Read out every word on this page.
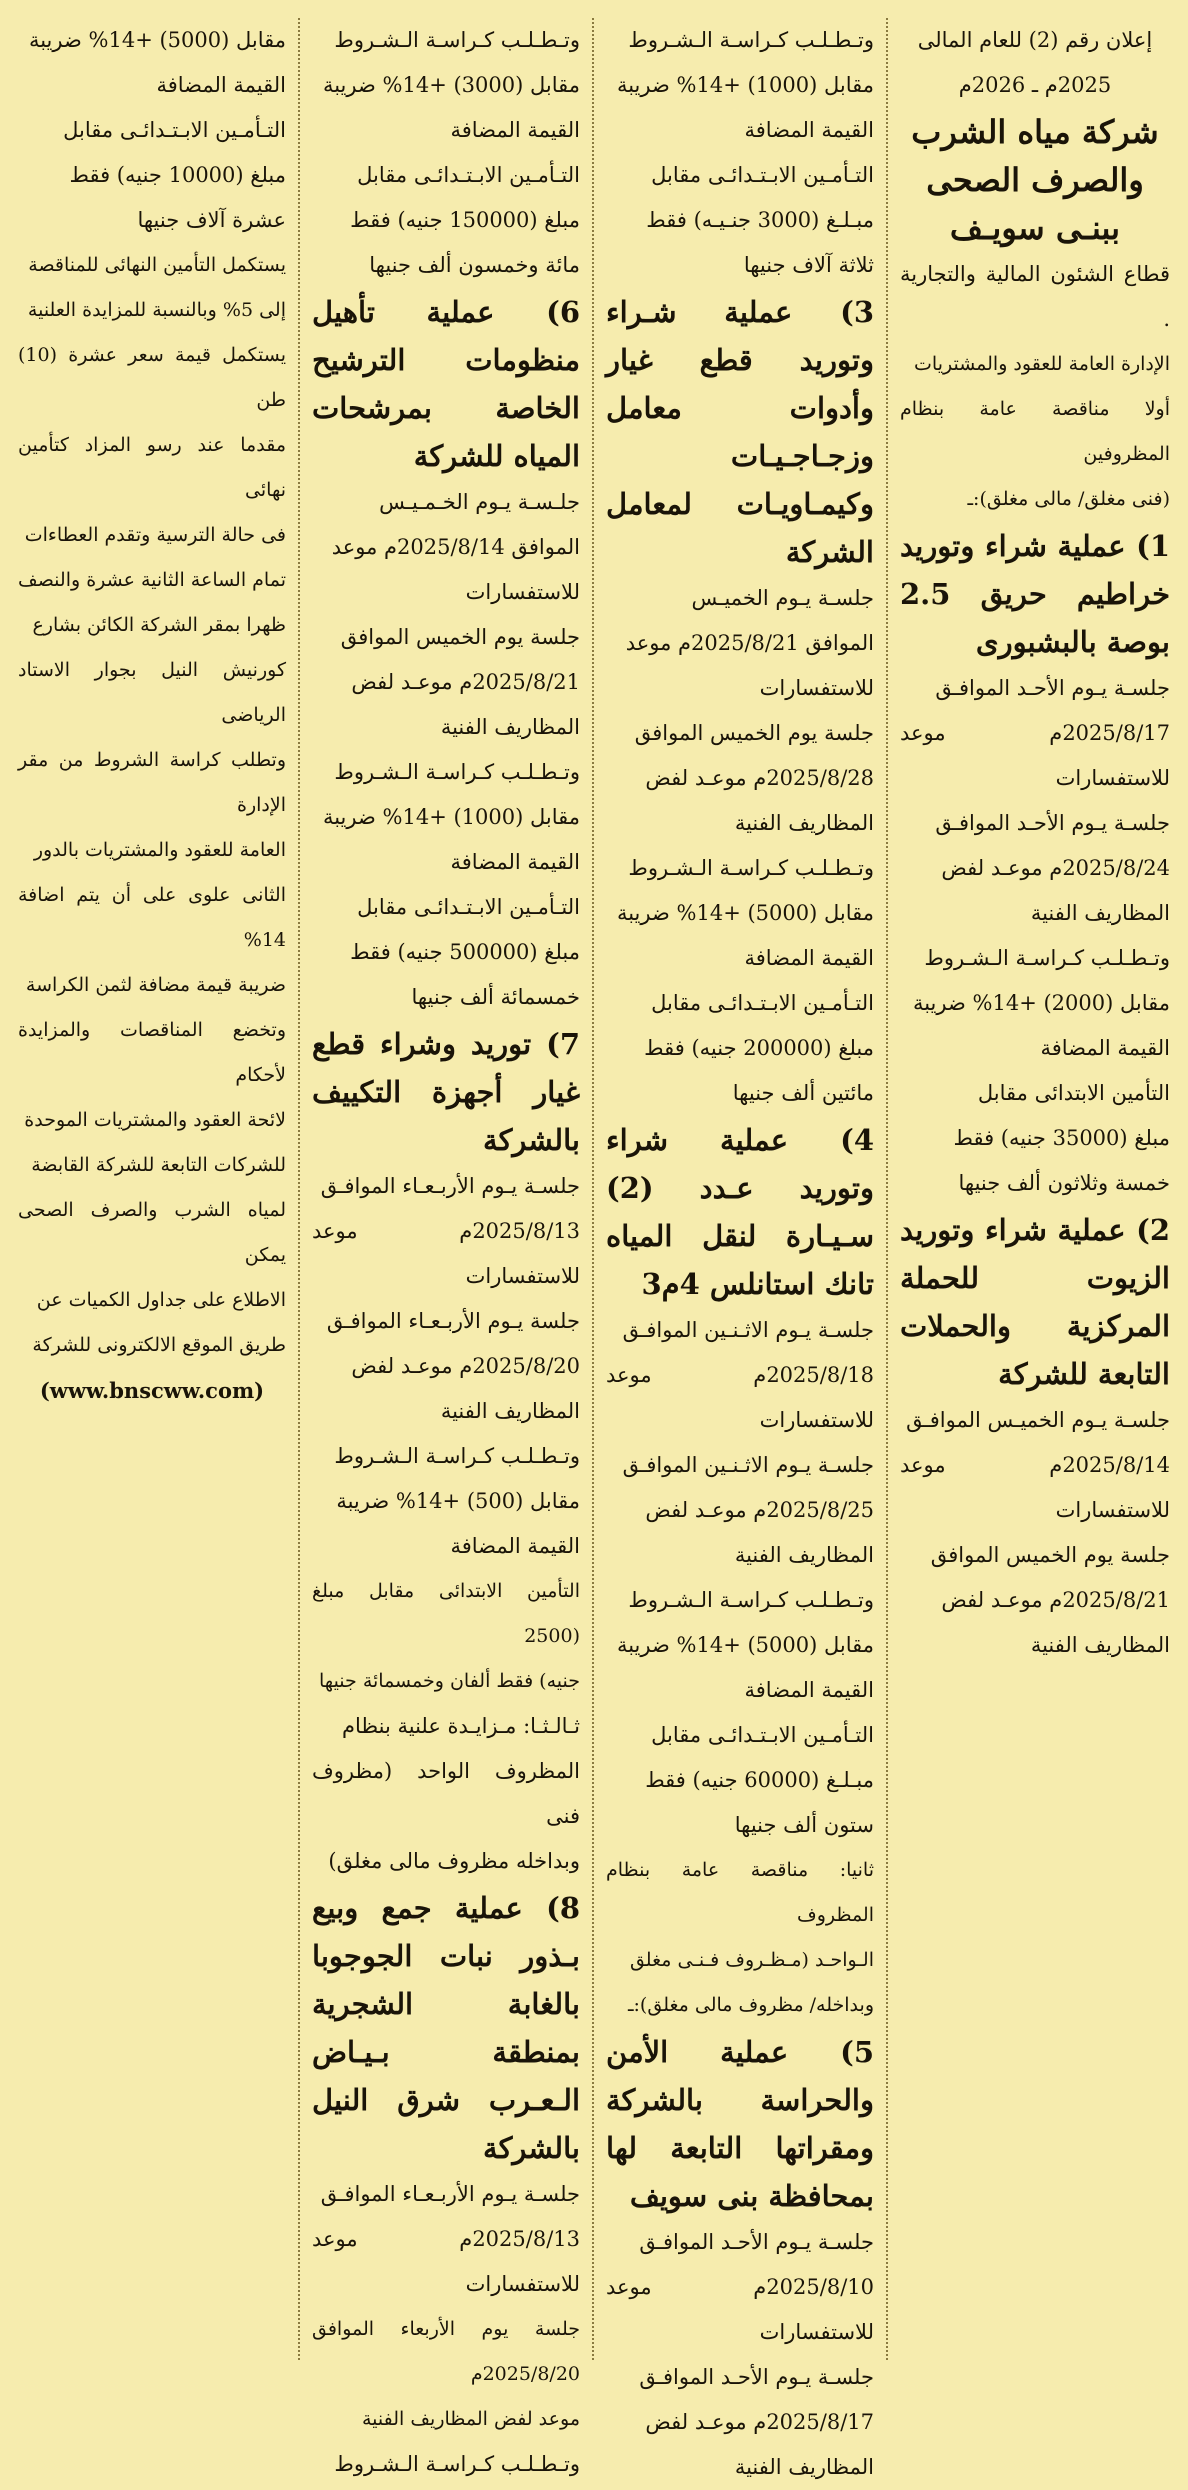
إعلان رقم (2) للعام المالى

2025م ـ 2026م

شركة مياه الشرب والصرف الصحى ببنـى سويـف

قطاع الشئون المالية والتجارية .

الإدارة العامة للعقود والمشتريات

أولا مناقصة عامة بنظام المظروفين

(فنى مغلق/ مالى مغلق):ـ

1) عملية شراء وتوريد خراطيم حريق 2.5 بوصة بالبشبورى

جلسـة يـوم الأحـد الموافـق

2025/8/17م موعد للاستفسارات

جلسـة يـوم الأحـد الموافـق

2025/8/24م موعـد لفض

المظاريف الفنية

وتـطـلـب كـراسـة الـشـروط

مقابل (2000) +14% ضريبة

القيمة المضافة

التأمين الابتدائى مقابل

مبلغ (35000 جنيه) فقط

خمسة وثلاثون ألف جنيها

2) عملية شراء وتوريد الزيوت للحملة المركزية والحملات التابعة للشركة

جلسـة يـوم الخميـس الموافـق

2025/8/14م موعد للاستفسارات

جلسة يوم الخميس الموافق

2025/8/21م موعـد لفض

المظاريف الفنية

وتـطـلـب كـراسـة الـشـروط

مقابل (1000) +14% ضريبة

القيمة المضافة

التـأمـين الابـتـدائـى مقابل

مبـلـغ (3000 جنـيـه) فقط

ثلاثة آلاف جنيها

3) عملية شـراء وتوريد قطع غيار وأدوات معامل وزجـاجـيـات وكيمـاويـات لمعامل الشركة

جلسـة يـوم الخميـس

الموافق 2025/8/21م موعد

للاستفسارات

جلسة يوم الخميس الموافق

2025/8/28م موعـد لفض

المظاريف الفنية

وتـطـلـب كـراسـة الـشـروط

مقابل (5000) +14% ضريبة

القيمة المضافة

التـأمـين الابـتـدائـى مقابل

مبلغ (200000 جنيه) فقط

مائتين ألف جنيها

4) عملية شراء وتوريد عـدد (2) سـيـارة لنقل المياه تانك استانلس 4م3

جلسـة يـوم الاثـنـين الموافـق

2025/8/18م موعد للاستفسارات

جلسـة يـوم الاثـنـين الموافـق

2025/8/25م موعـد لفض

المظاريف الفنية

وتـطـلـب كـراسـة الـشـروط

مقابل (5000) +14% ضريبة

القيمة المضافة

التـأمـين الابـتـدائـى مقابل

مبـلـغ (60000 جنيه) فقط

ستون ألف جنيها

ثانيا: مناقصة عامة بنظام المظروف

الـواحـد (مـظـروف فـنـى مغلق

وبداخله/ مظروف مالى مغلق):ـ

5) عملية الأمن والحراسة بالشركة ومقراتها التابعة لها بمحافظة بنى سويف

جلسـة يـوم الأحـد الموافـق

2025/8/10م موعد للاستفسارات

جلسـة يـوم الأحـد الموافـق

2025/8/17م موعـد لفض

المظاريف الفنية

وتـطـلـب كـراسـة الـشـروط

مقابل (3000) +14% ضريبة

القيمة المضافة

التـأمـين الابـتـدائـى مقابل

مبلغ (150000 جنيه) فقط

مائة وخمسون ألف جنيها

6) عملية تأهيل منظومات الترشيح الخاصة بمرشحات المياه للشركة

جلـسـة يـوم الخـمـيـس

الموافق 2025/8/14م موعد

للاستفسارات

جلسة يوم الخميس الموافق

2025/8/21م موعـد لفض

المظاريف الفنية

وتـطـلـب كـراسـة الـشـروط

مقابل (1000) +14% ضريبة

القيمة المضافة

التـأمـين الابـتـدائـى مقابل

مبلغ (500000 جنيه) فقط

خمسمائة ألف جنيها

7) توريد وشراء قطع غيار أجهزة التكييف بالشركة

جلسـة يـوم الأربـعـاء الموافـق

2025/8/13م موعد للاستفسارات

جلسة يـوم الأربـعـاء الموافـق

2025/8/20م موعـد لفض

المظاريف الفنية

وتـطـلـب كـراسـة الـشـروط

مقابل (500) +14% ضريبة

القيمة المضافة

التأمين الابتدائى مقابل مبلغ (2500

جنيه) فقط ألفان وخمسمائة جنيها

ثـالـثـا: مـزايـدة علنية بنظام

المظروف الواحد (مظروف فنى

وبداخله مظروف مالى مغلق)

8) عملية جمع وبيع بـذور نبات الجوجوبا بالغابة الشجرية بمنطقة بـيـاض الـعـرب شرق النيل بالشركة

جلسـة يـوم الأربـعـاء الموافـق

2025/8/13م موعد للاستفسارات

جلسة يوم الأربعاء الموافق 2025/8/20م

موعد لفض المظاريف الفنية

وتـطـلـب كـراسـة الـشـروط

مقابل (5000) +14% ضريبة

القيمة المضافة

التـأمـين الابـتـدائـى مقابل

مبلغ (10000 جنيه) فقط

عشرة آلاف جنيها

يستكمل التأمين النهائى للمناقصة

إلى 5% وبالنسبة للمزايدة العلنية

يستكمل قيمة سعر عشرة (10) طن

مقدما عند رسو المزاد كتأمين نهائى

فى حالة الترسية وتقدم العطاءات

تمام الساعة الثانية عشرة والنصف

ظهرا بمقر الشركة الكائن بشارع

كورنيش النيل بجوار الاستاد الرياضى

وتطلب كراسة الشروط من مقر الإدارة

العامة للعقود والمشتريات بالدور

الثانى علوى على أن يتم اضافة 14%

ضريبة قيمة مضافة لثمن الكراسة

وتخضع المناقصات والمزايدة لأحكام

لائحة العقود والمشتريات الموحدة

للشركات التابعة للشركة القابضة

لمياه الشرب والصرف الصحى يمكن

الاطلاع على جداول الكميات عن

طريق الموقع الالكترونى للشركة

(www.bnscww.com)
